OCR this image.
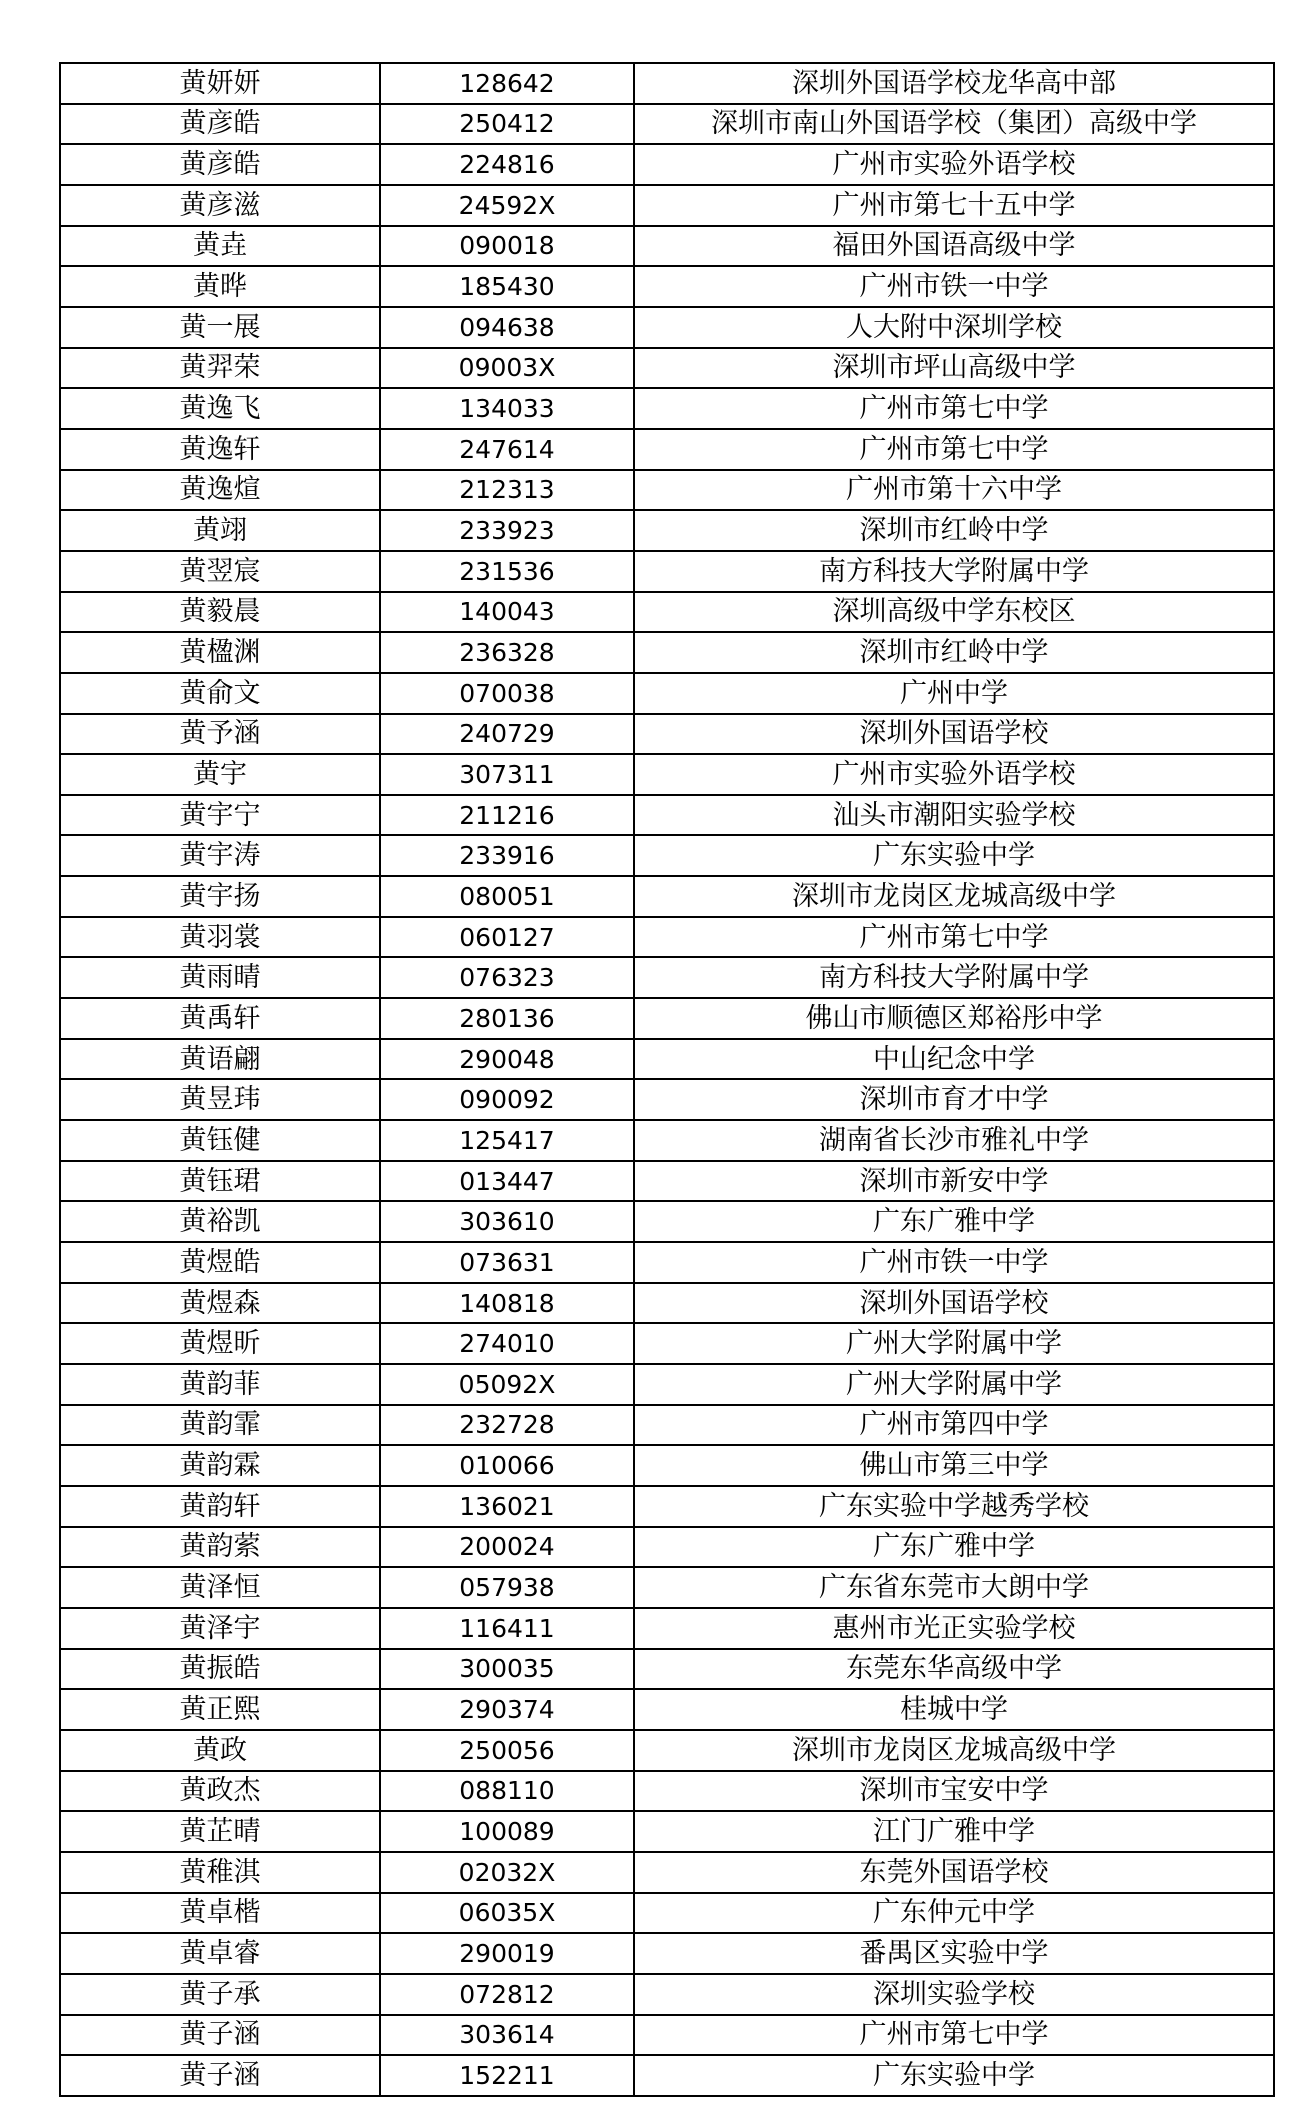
黄妍妍	128642	深圳外国语学校龙华高中部
黄彦皓	250412	深圳市南山外国语学校（集团）高级中学
黄彦皓	224816	广州市实验外语学校
黄彦滋	24592X	广州市第七十五中学
黄垚	090018	福田外国语高级中学
黄晔	185430	广州市铁一中学
黄一展	094638	人大附中深圳学校
黄羿荣	09003X	深圳市坪山高级中学
黄逸飞	134033	广州市第七中学
黄逸轩	247614	广州市第七中学
黄逸煊	212313	广州市第十六中学
黄翊	233923	深圳市红岭中学
黄翌宸	231536	南方科技大学附属中学
黄毅晨	140043	深圳高级中学东校区
黄楹渊	236328	深圳市红岭中学
黄俞文	070038	广州中学
黄予涵	240729	深圳外国语学校
黄宇	307311	广州市实验外语学校
黄宇宁	211216	汕头市潮阳实验学校
黄宇涛	233916	广东实验中学
黄宇扬	080051	深圳市龙岗区龙城高级中学
黄羽裳	060127	广州市第七中学
黄雨晴	076323	南方科技大学附属中学
黄禹轩	280136	佛山市顺德区郑裕彤中学
黄语翩	290048	中山纪念中学
黄昱玮	090092	深圳市育才中学
黄钰健	125417	湖南省长沙市雅礼中学
黄钰珺	013447	深圳市新安中学
黄裕凯	303610	广东广雅中学
黄煜皓	073631	广州市铁一中学
黄煜森	140818	深圳外国语学校
黄煜昕	274010	广州大学附属中学
黄韵菲	05092X	广州大学附属中学
黄韵霏	232728	广州市第四中学
黄韵霖	010066	佛山市第三中学
黄韵轩	136021	广东实验中学越秀学校
黄韵萦	200024	广东广雅中学
黄泽恒	057938	广东省东莞市大朗中学
黄泽宇	116411	惠州市光正实验学校
黄振皓	300035	东莞东华高级中学
黄正熙	290374	桂城中学
黄政	250056	深圳市龙岗区龙城高级中学
黄政杰	088110	深圳市宝安中学
黄芷晴	100089	江门广雅中学
黄稚淇	02032X	东莞外国语学校
黄卓楷	06035X	广东仲元中学
黄卓睿	290019	番禺区实验中学
黄子承	072812	深圳实验学校
黄子涵	303614	广州市第七中学
黄子涵	152211	广东实验中学
